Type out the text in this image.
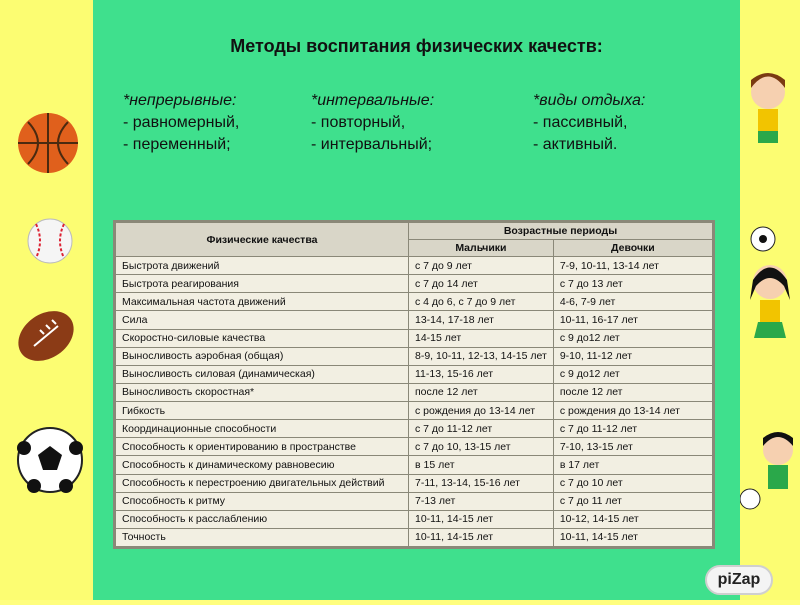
Методы воспитания физических качеств:
*непрерывные:
- равномерный,
- переменный;
*интервальные:
- повторный,
- интервальный;
*виды отдыха:
- пассивный,
- активный.
Физические качества	Возрастные периоды	
	Мальчики	Девочки
Быстрота движений	с 7 до 9 лет	7-9, 10-11, 13-14 лет
Быстрота реагирования	с 7 до 14 лет	с 7 до 13 лет
Максимальная частота движений	с 4 до 6, с 7 до 9 лет	4-6, 7-9 лет
Сила	13-14, 17-18 лет	10-11, 16-17 лет
Скоростно-силовые качества	14-15 лет	с 9 до12 лет
Выносливость аэробная (общая)	8-9, 10-11, 12-13, 14-15 лет	9-10, 11-12 лет
Выносливость силовая (динамическая)	11-13, 15-16 лет	с 9 до12 лет
Выносливость скоростная*	после 12 лет	после 12 лет
Гибкость	с рождения до 13-14 лет	с рождения до 13-14 лет
Координационные способности	с 7 до 11-12 лет	с 7 до 11-12 лет
Способность к ориентированию в пространстве	с 7 до 10, 13-15 лет	7-10, 13-15 лет
Способность к динамическому равновесию	в 15 лет	в 17 лет
Способность к перестроению двигательных действий	7-11, 13-14, 15-16 лет	с 7 до 10 лет
Способность к ритму	7-13 лет	с 7 до 11 лет
Способность к расслаблению	10-11, 14-15 лет	10-12, 14-15 лет
Точность	10-11, 14-15 лет	10-11, 14-15 лет
piZap
